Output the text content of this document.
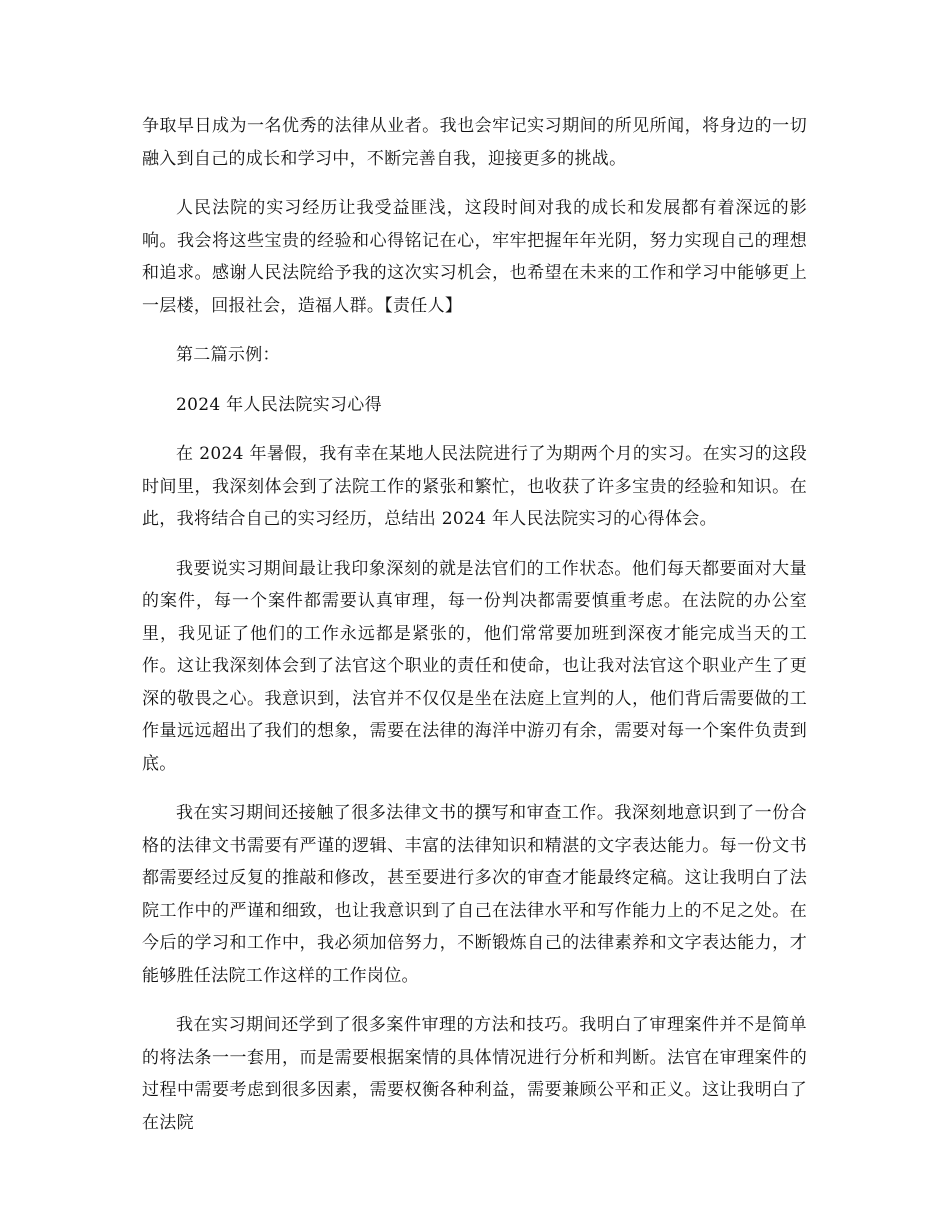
争取早日成为一名优秀的法律从业者。我也会牢记实习期间的所见所闻，将身边的一切融入到自己的成长和学习中，不断完善自我，迎接更多的挑战。

人民法院的实习经历让我受益匪浅，这段时间对我的成长和发展都有着深远的影响。我会将这些宝贵的经验和心得铭记在心，牢牢把握年年光阴，努力实现自己的理想和追求。感谢人民法院给予我的这次实习机会，也希望在未来的工作和学习中能够更上一层楼，回报社会，造福人群。【责任人】

第二篇示例：

2024 年人民法院实习心得

在 2024 年暑假，我有幸在某地人民法院进行了为期两个月的实习。在实习的这段时间里，我深刻体会到了法院工作的紧张和繁忙，也收获了许多宝贵的经验和知识。在此，我将结合自己的实习经历，总结出 2024 年人民法院实习的心得体会。

我要说实习期间最让我印象深刻的就是法官们的工作状态。他们每天都要面对大量的案件，每一个案件都需要认真审理，每一份判决都需要慎重考虑。在法院的办公室里，我见证了他们的工作永远都是紧张的，他们常常要加班到深夜才能完成当天的工作。这让我深刻体会到了法官这个职业的责任和使命，也让我对法官这个职业产生了更深的敬畏之心。我意识到，法官并不仅仅是坐在法庭上宣判的人，他们背后需要做的工作量远远超出了我们的想象，需要在法律的海洋中游刃有余，需要对每一个案件负责到底。

我在实习期间还接触了很多法律文书的撰写和审查工作。我深刻地意识到了一份合格的法律文书需要有严谨的逻辑、丰富的法律知识和精湛的文字表达能力。每一份文书都需要经过反复的推敲和修改，甚至要进行多次的审查才能最终定稿。这让我明白了法院工作中的严谨和细致，也让我意识到了自己在法律水平和写作能力上的不足之处。在今后的学习和工作中，我必须加倍努力，不断锻炼自己的法律素养和文字表达能力，才能够胜任法院工作这样的工作岗位。

我在实习期间还学到了很多案件审理的方法和技巧。我明白了审理案件并不是简单的将法条一一套用，而是需要根据案情的具体情况进行分析和判断。法官在审理案件的过程中需要考虑到很多因素，需要权衡各种利益，需要兼顾公平和正义。这让我明白了在法院
